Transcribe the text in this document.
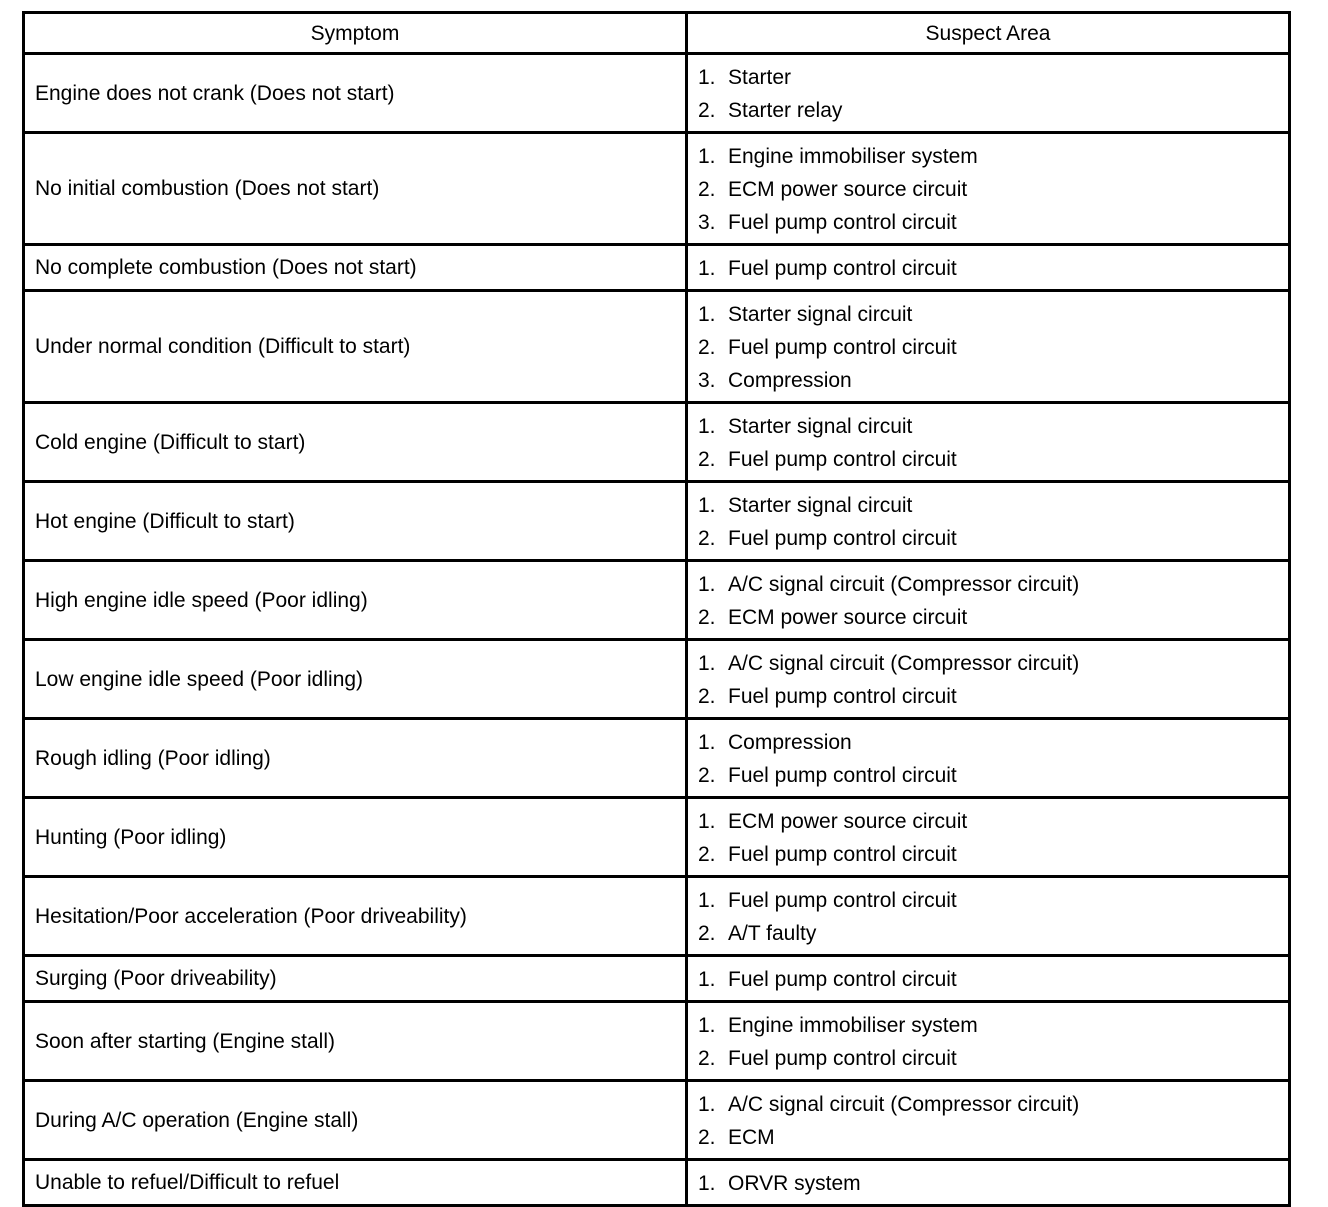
Symptom	Suspect Area
Engine does not crank (Does not start)	1. Starter
2. Starter relay

No initial combustion (Does not start)	1. Engine immobiliser system
2. ECM power source circuit
3. Fuel pump control circuit

No complete combustion (Does not start)	1. Fuel pump control circuit

Under normal condition (Difficult to start)	1. Starter signal circuit
2. Fuel pump control circuit
3. Compression

Cold engine (Difficult to start)	1. Starter signal circuit
2. Fuel pump control circuit

Hot engine (Difficult to start)	1. Starter signal circuit
2. Fuel pump control circuit

High engine idle speed (Poor idling)	1. A/C signal circuit (Compressor circuit)
2. ECM power source circuit

Low engine idle speed (Poor idling)	1. A/C signal circuit (Compressor circuit)
2. Fuel pump control circuit

Rough idling (Poor idling)	1. Compression
2. Fuel pump control circuit

Hunting (Poor idling)	1. ECM power source circuit
2. Fuel pump control circuit

Hesitation/Poor acceleration (Poor driveability)	1. Fuel pump control circuit
2. A/T faulty

Surging (Poor driveability)	1. Fuel pump control circuit

Soon after starting (Engine stall)	1. Engine immobiliser system
2. Fuel pump control circuit

During A/C operation (Engine stall)	1. A/C signal circuit (Compressor circuit)
2. ECM

Unable to refuel/Difficult to refuel	1. ORVR system
